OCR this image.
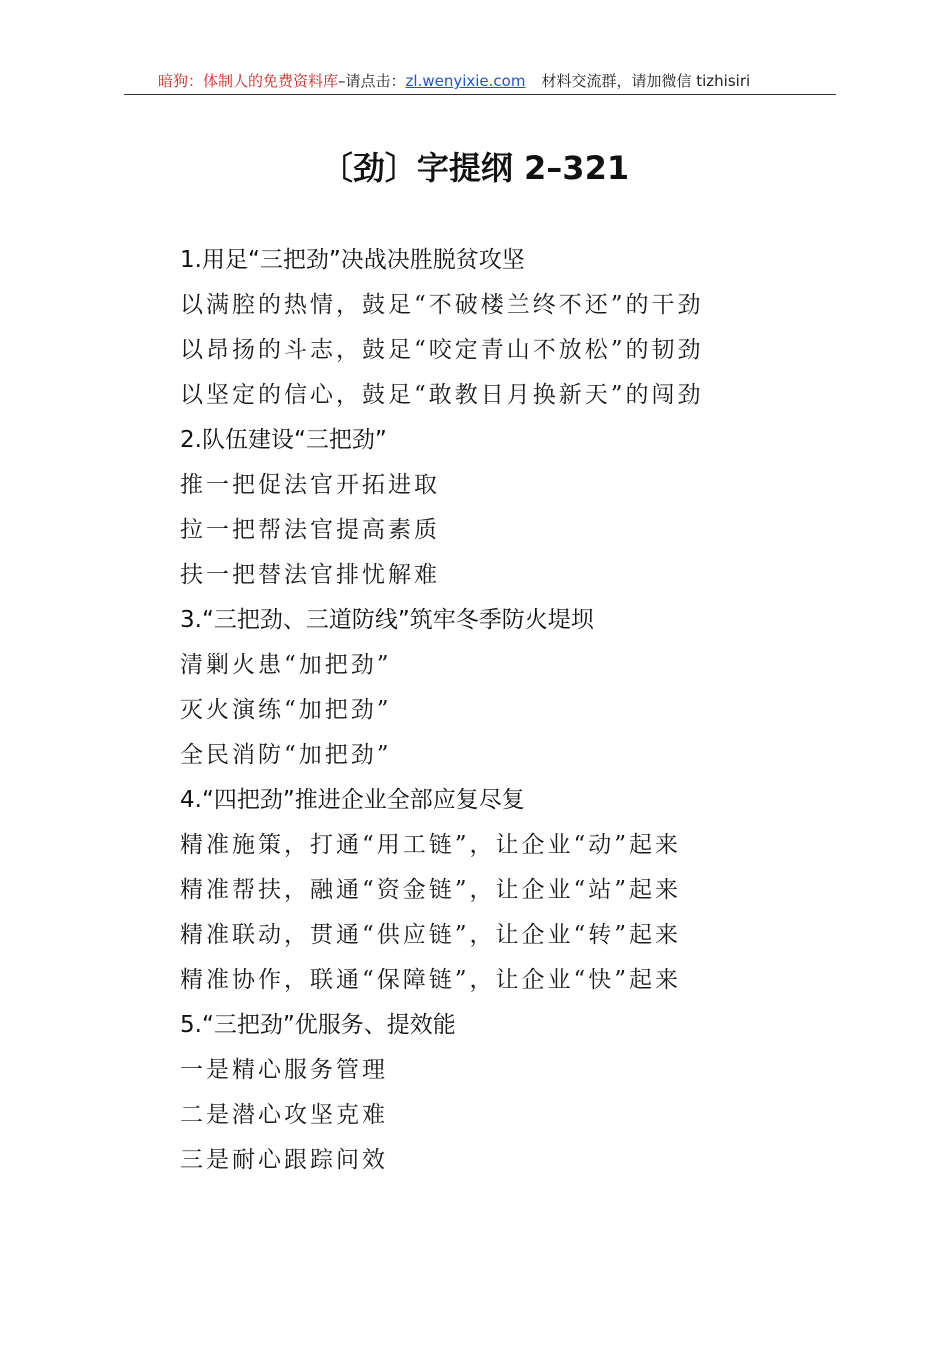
暗狗：体制人的免费资料库–请点击：zl.wenyixie.com 材料交流群，请加微信 tizhisiri
〔劲〕字提纲 2–321
1.用足“三把劲”决战决胜脱贫攻坚
以满腔的热情，鼓足“不破楼兰终不还”的干劲
以昂扬的斗志，鼓足“咬定青山不放松”的韧劲
以坚定的信心，鼓足“敢教日月换新天”的闯劲
2.队伍建设“三把劲”
推一把促法官开拓进取
拉一把帮法官提高素质
扶一把替法官排忧解难
3.“三把劲、三道防线”筑牢冬季防火堤坝
清剿火患“加把劲”
灭火演练“加把劲”
全民消防“加把劲”
4.“四把劲”推进企业全部应复尽复
精准施策，打通“用工链”，让企业“动”起来
精准帮扶，融通“资金链”，让企业“站”起来
精准联动，贯通“供应链”，让企业“转”起来
精准协作，联通“保障链”，让企业“快”起来
5.“三把劲”优服务、提效能
一是精心服务管理
二是潜心攻坚克难
三是耐心跟踪问效
